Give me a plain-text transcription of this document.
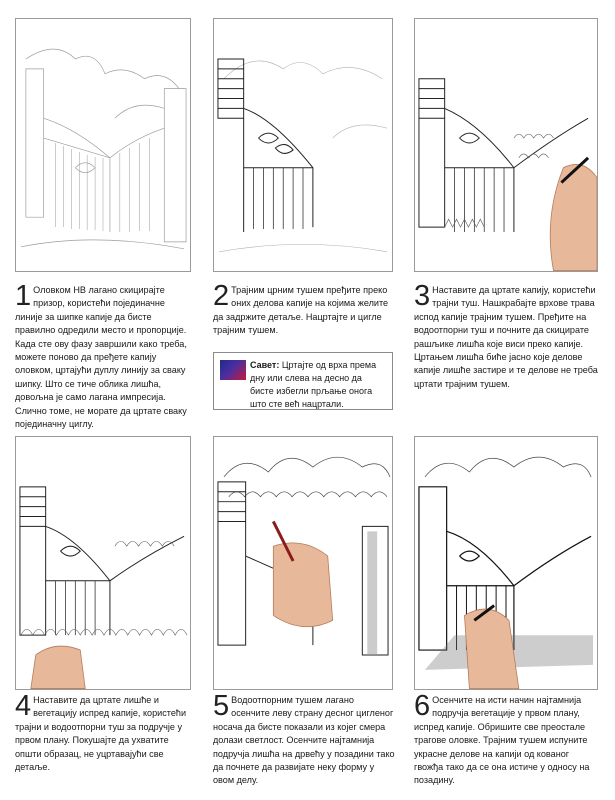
1 Оловком HB лагано скицирајте призор, користећи појединачне линије за шипке капије да бисте правилно одредили место и пропорције. Када сте ову фазу завршили како треба, можете поново да пређете капију оловком, цртајући дуплу линију за сваку шипку. Што се тиче облика лишћа, довољна је само лагана импресија. Слично томе, не морате да цртате сваку појединачну циглу.
2 Трајним црним тушем пређите преко оних делова капије на којима желите да задржите детаље. Нацртајте и цигле трајним тушем.
Савет: Цртајте од врха према дну или слева на десно да бисте избегли прљање онога што сте већ нацртали.
3 Наставите да цртате капију, користећи трајни туш. Нашкрабајте врхове трава испод капије трајним тушем. Пређите на водоотпорни туш и почните да скицирате рашљике лишћа које виси преко капије. Цртањем лишћа биће јасно које делове капије лишће застире и те делове не треба цртати трајним тушем.
4 Наставите да цртате лишће и вегетацију испред капије, користећи трајни и водоотпорни туш за подручје у првом плану. Покушајте да ухватите општи образац, не уцртавајући све детаље.
5 Водоотпорним тушем лагано осенчите леву страну десног цигленог носача да бисте показали из којег смера долази светлост. Осенчите најтамнија подручја лишћа на дрвећу у позадини тако да почнете да развијате неку форму у овом делу.
6 Осенчите на исти начин најтамнија подручја вегетације у првом плану, испред капије. Обришите све преостале трагове оловке. Трајним тушем испуните украсне делове на капији од кованог гвожђа тако да се она истиче у односу на позадину.
